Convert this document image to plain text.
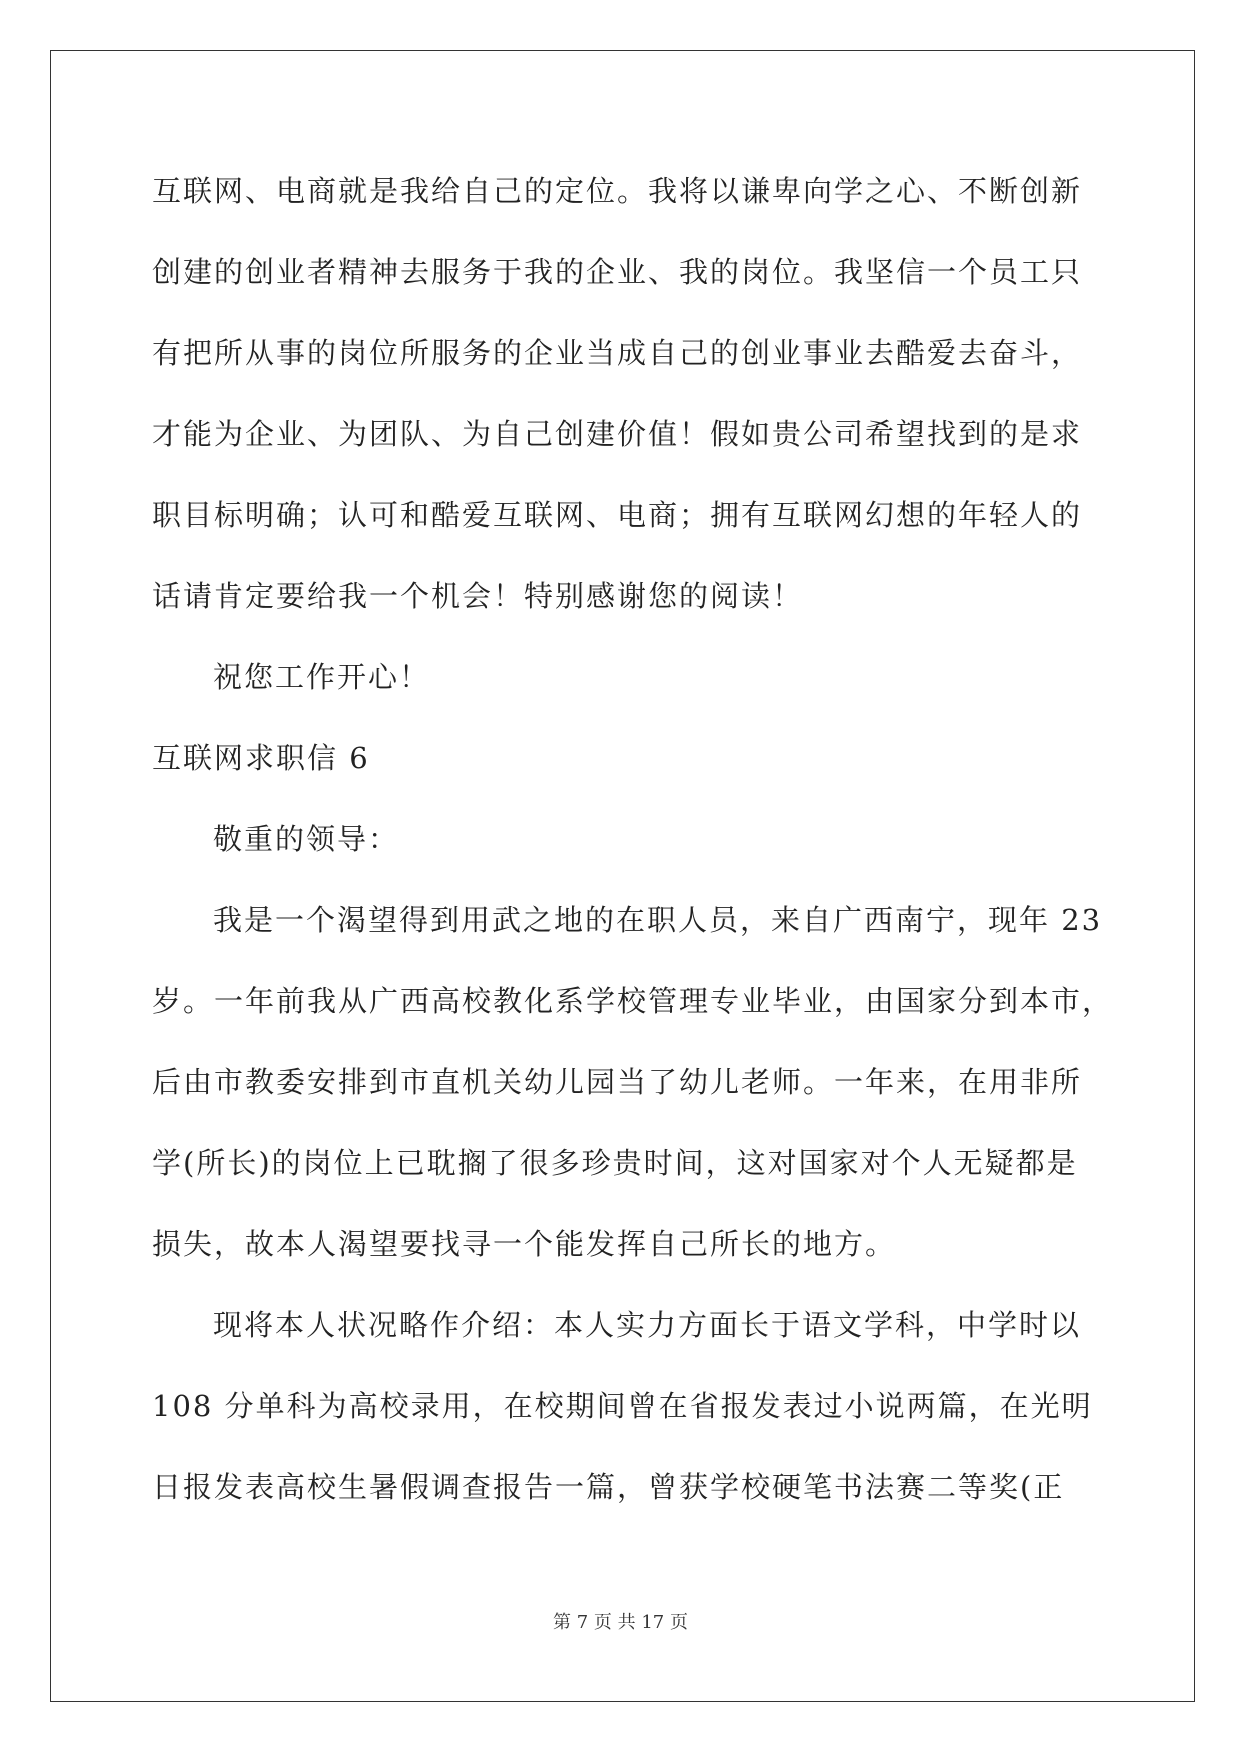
互联网、电商就是我给自己的定位。我将以谦卑向学之心、不断创新
创建的创业者精神去服务于我的企业、我的岗位。我坚信一个员工只
有把所从事的岗位所服务的企业当成自己的创业事业去酷爱去奋斗，
才能为企业、为团队、为自己创建价值！假如贵公司希望找到的是求
职目标明确；认可和酷爱互联网、电商；拥有互联网幻想的年轻人的
话请肯定要给我一个机会！特别感谢您的阅读！
祝您工作开心！
互联网求职信 6
敬重的领导：
我是一个渴望得到用武之地的在职人员，来自广西南宁，现年 23
岁。一年前我从广西高校教化系学校管理专业毕业，由国家分到本市，
后由市教委安排到市直机关幼儿园当了幼儿老师。一年来，在用非所
学(所长)的岗位上已耽搁了很多珍贵时间，这对国家对个人无疑都是
损失，故本人渴望要找寻一个能发挥自己所长的地方。
现将本人状况略作介绍：本人实力方面长于语文学科，中学时以
108 分单科为高校录用，在校期间曾在省报发表过小说两篇，在光明
日报发表高校生暑假调查报告一篇，曾获学校硬笔书法赛二等奖(正
第 7 页 共 17 页
